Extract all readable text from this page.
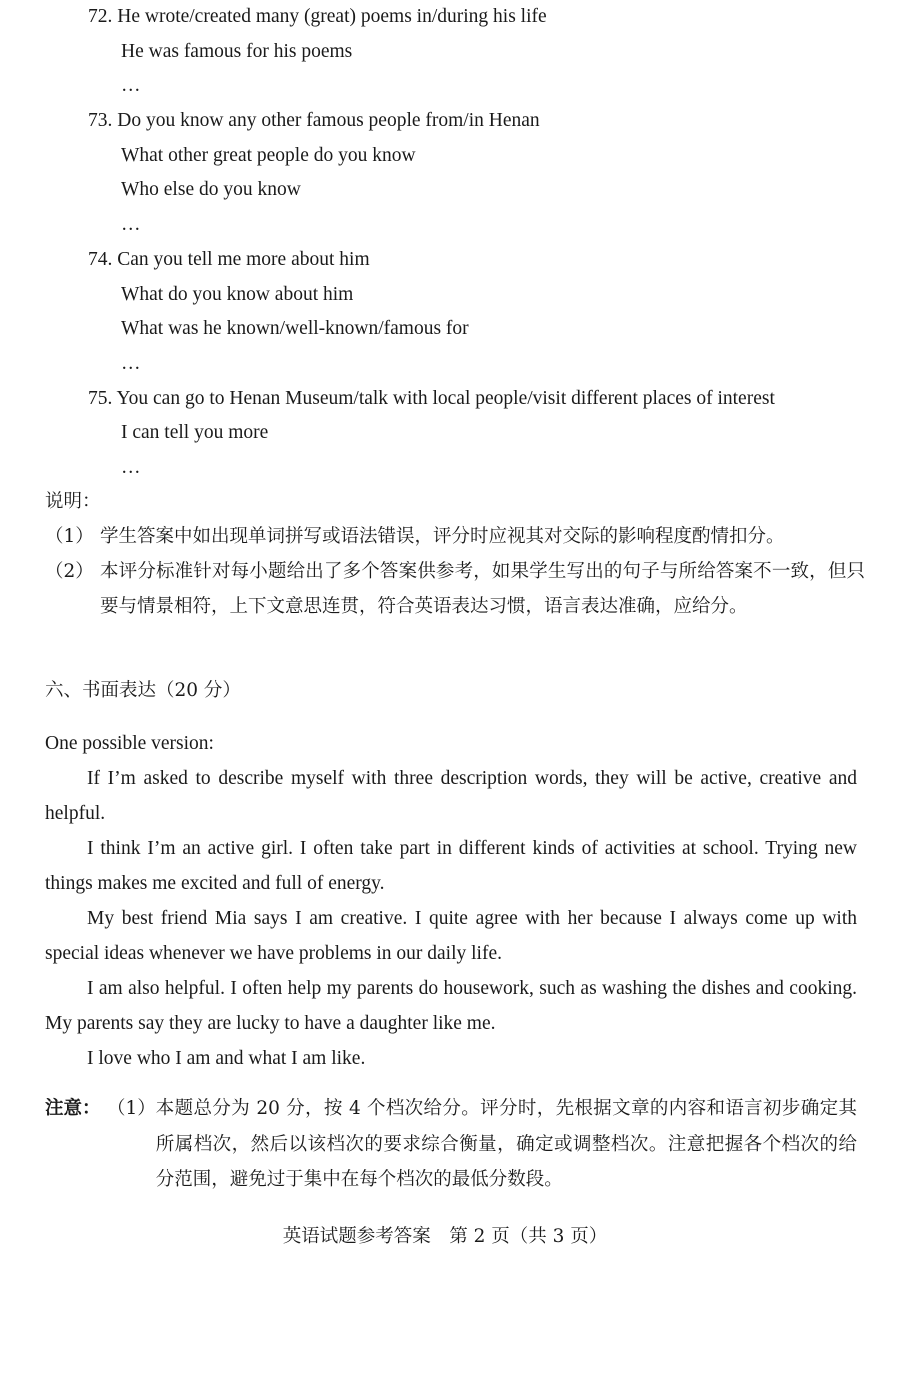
72. He wrote/created many (great) poems in/during his life
He was famous for his poems
…
73. Do you know any other famous people from/in Henan
What other great people do you know
Who else do you know
…
74. Can you tell me more about him
What do you know about him
What was he known/well-known/famous for
…
75. You can go to Henan Museum/talk with local people/visit different places of interest
I can tell you more
…
说明：
（1） 学生答案中如出现单词拼写或语法错误，评分时应视其对交际的影响程度酌情扣分。
（2） 本评分标准针对每小题给出了多个答案供参考，如果学生写出的句子与所给答案不一致，但只要与情景相符，上下文意思连贯，符合英语表达习惯，语言表达准确，应给分。
六、书面表达（20 分）
One possible version:

If I’m asked to describe myself with three description words, they will be active, creative and helpful.

I think I’m an active girl. I often take part in different kinds of activities at school. Trying new things makes me excited and full of energy.

My best friend Mia says I am creative. I quite agree with her because I always come up with special ideas whenever we have problems in our daily life.

I am also helpful. I often help my parents do housework, such as washing the dishes and cooking. My parents say they are lucky to have a daughter like me.

I love who I am and what I am like.

注意： （1） 本题总分为 20 分，按 4 个档次给分。评分时，先根据文章的内容和语言初步确定其所属档次，然后以该档次的要求综合衡量，确定或调整档次。注意把握各个档次的给分范围，避免过于集中在每个档次的最低分数段。
英语试题参考答案　第 2 页（共 3 页）
